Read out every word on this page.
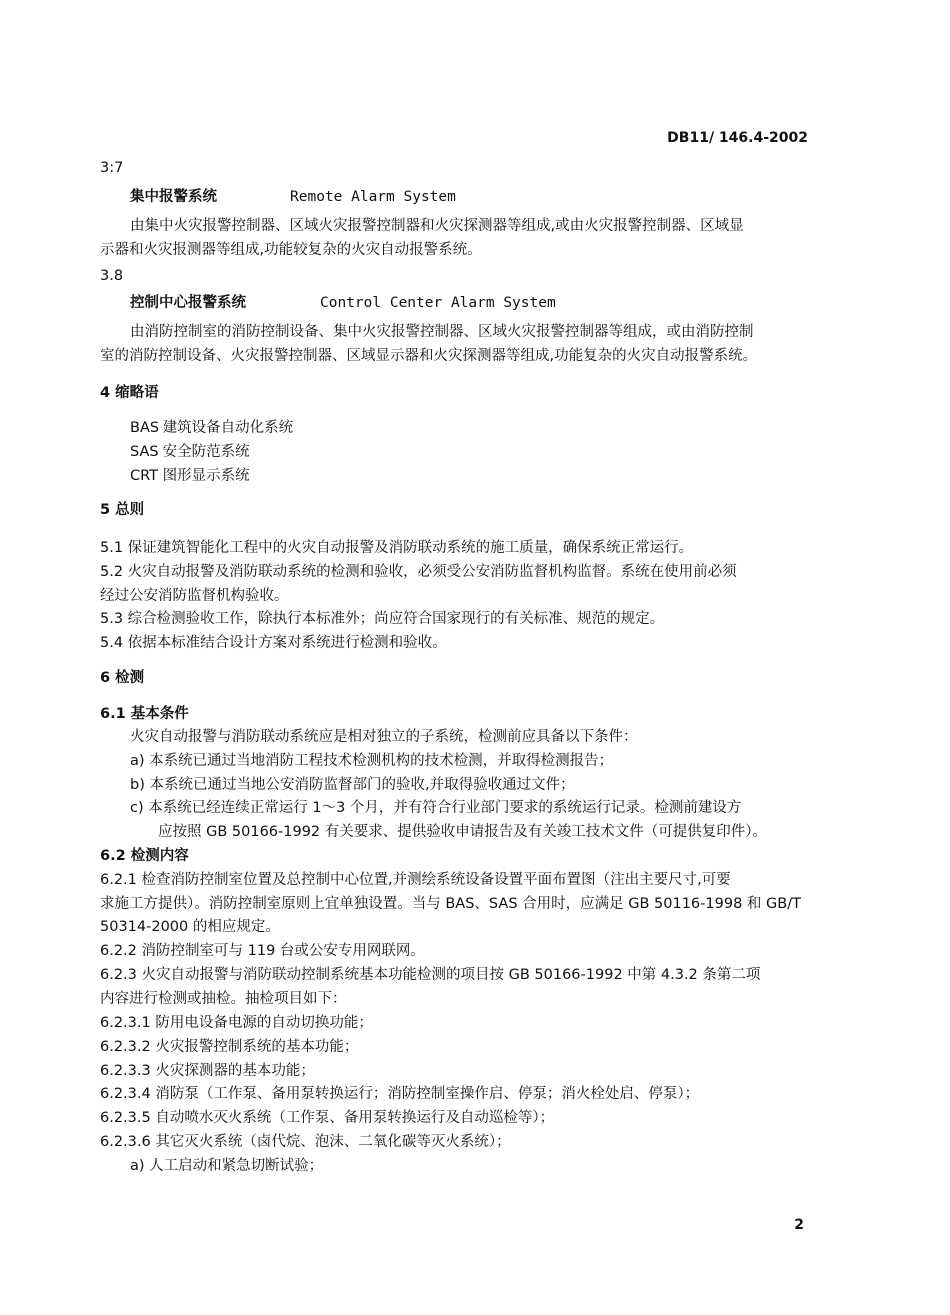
DB11/ 146.4-2002
3:7
集中报警系统	Remote Alarm System
由集中火灾报警控制器、区域火灾报警控制器和火灾探测器等组成,或由火灾报警控制器、区域显
示器和火灾报测器等组成,功能较复杂的火灾自动报警系统。
3.8
控制中心报警系统	Control Center Alarm System
由消防控制室的消防控制设备、集中火灾报警控制器、区域火灾报警控制器等组成，或由消防控制
室的消防控制设备、火灾报警控制器、区域显示器和火灾探测器等组成,功能复杂的火灾自动报警系统。
4 缩略语
BAS 建筑设备自动化系统
SAS 安全防范系统
CRT 图形显示系统
5 总则
5.1 保证建筑智能化工程中的火灾自动报警及消防联动系统的施工质量，确保系统正常运行。
5.2 火灾自动报警及消防联动系统的检测和验收，必须受公安消防监督机构监督。系统在使用前必须
经过公安消防监督机构验收。
5.3 综合检测验收工作，除执行本标准外；尚应符合国家现行的有关标准、规范的规定。
5.4 依据本标准结合设计方案对系统进行检测和验收。
6 检测
6.1 基本条件
火灾自动报警与消防联动系统应是相对独立的子系统，检测前应具备以下条件：
a) 本系统已通过当地消防工程技术检测机构的技术检测，并取得检测报告；
b) 本系统已通过当地公安消防监督部门的验收,并取得验收通过文件；
c) 本系统已经连续正常运行 1～3 个月，并有符合行业部门要求的系统运行记录。检测前建设方
应按照 GB 50166-1992 有关要求、提供验收申请报告及有关竣工技术文件（可提供复印件）。
6.2 检测内容
6.2.1 检查消防控制室位置及总控制中心位置,并测绘系统设备设置平面布置图（注出主要尺寸,可要
求施工方提供）。消防控制室原则上宜单独设置。当与 BAS、SAS 合用时，应满足 GB 50116-1998 和 GB/T
50314-2000 的相应规定。
6.2.2 消防控制室可与 119 台或公安专用网联网。
6.2.3 火灾自动报警与消防联动控制系统基本功能检测的项目按 GB 50166-1992 中第 4.3.2 条第二项
内容进行检测或抽检。抽检项目如下：
6.2.3.1 防用电设备电源的自动切换功能；
6.2.3.2 火灾报警控制系统的基本功能；
6.2.3.3 火灾探测器的基本功能；
6.2.3.4 消防泵（工作泵、备用泵转换运行；消防控制室操作启、停泵；消火栓处启、停泵）；
6.2.3.5 自动喷水灭火系统（工作泵、备用泵转换运行及自动巡检等）；
6.2.3.6 其它灭火系统（卤代烷、泡沫、二氧化碳等灭火系统）；
a) 人工启动和紧急切断试验；
2
